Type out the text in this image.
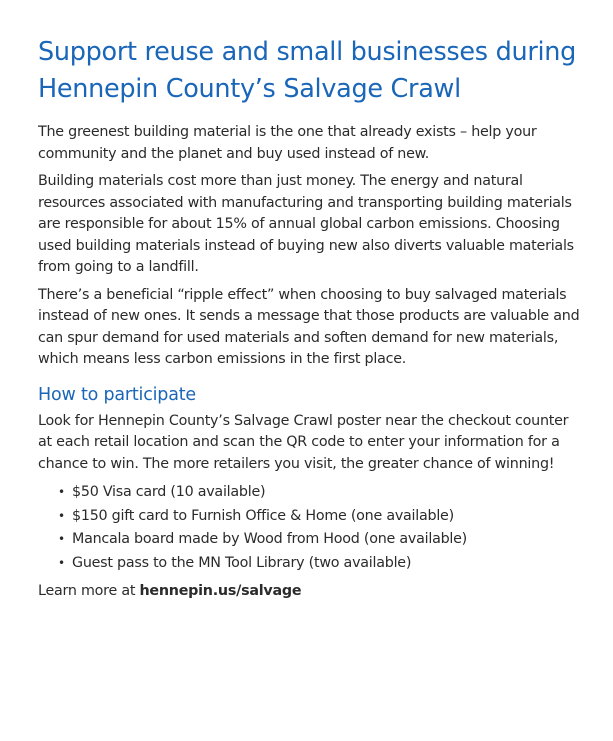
Support reuse and small businesses during Hennepin County’s Salvage Crawl

The greenest building material is the one that already exists – help your community and the planet and buy used instead of new.

Building materials cost more than just money. The energy and natural resources associated with manufacturing and transporting building materials are responsible for about 15% of annual global carbon emissions. Choosing used building materials instead of buying new also diverts valuable materials from going to a landfill.

There’s a beneficial “ripple effect” when choosing to buy salvaged materials instead of new ones. It sends a message that those products are valuable and can spur demand for used materials and soften demand for new materials, which means less carbon emissions in the first place.

How to participate

Look for Hennepin County’s Salvage Crawl poster near the checkout counter at each retail location and scan the QR code to enter your information for a chance to win. The more retailers you visit, the greater chance of winning!

• $50 Visa card (10 available)
• $150 gift card to Furnish Office & Home (one available)
• Mancala board made by Wood from Hood (one available)
• Guest pass to the MN Tool Library (two available)

Learn more at hennepin.us/salvage
